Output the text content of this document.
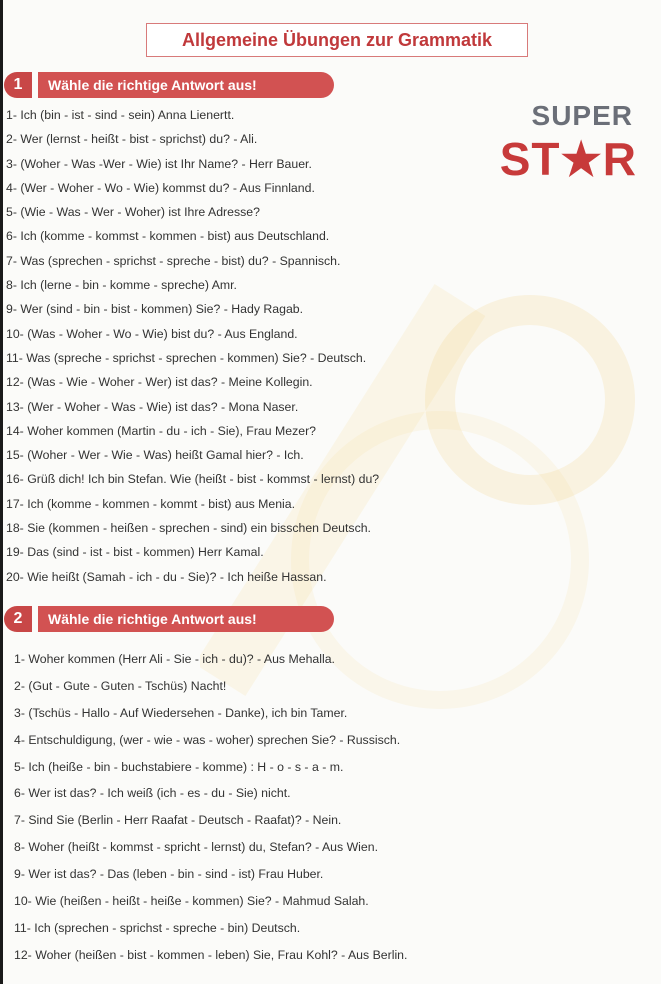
Allgemeine Übungen zur Grammatik
SUPER
ST★R
1	Wähle die richtige Antwort aus!
1- Ich (bin - ist - sind - sein) Anna Lienertt.
2- Wer (lernst - heißt - bist - sprichst) du? - Ali.
3- (Woher - Was -Wer - Wie) ist Ihr Name? - Herr Bauer.
4- (Wer - Woher - Wo - Wie) kommst du? - Aus Finnland.
5- (Wie - Was - Wer - Woher) ist Ihre Adresse?
6- Ich (komme - kommst - kommen - bist) aus Deutschland.
7- Was (sprechen - sprichst - spreche - bist) du? - Spannisch.
8- Ich (lerne - bin - komme - spreche) Amr.
9- Wer (sind - bin - bist - kommen) Sie? - Hady Ragab.
10- (Was - Woher - Wo - Wie) bist du? - Aus England.
11- Was (spreche - sprichst - sprechen - kommen) Sie? - Deutsch.
12- (Was - Wie - Woher - Wer) ist das? - Meine Kollegin.
13- (Wer - Woher - Was - Wie) ist das? - Mona Naser.
14- Woher kommen (Martin - du - ich - Sie), Frau Mezer?
15- (Woher - Wer - Wie - Was) heißt Gamal hier? - Ich.
16- Grüß dich! Ich bin Stefan. Wie (heißt - bist - kommst - lernst) du?
17- Ich (komme - kommen - kommt - bist) aus Menia.
18- Sie (kommen - heißen - sprechen - sind) ein bisschen Deutsch.
19- Das (sind - ist - bist - kommen) Herr Kamal.
20- Wie heißt (Samah - ich - du - Sie)? - Ich heiße Hassan.
2	Wähle die richtige Antwort aus!
1- Woher kommen (Herr Ali - Sie - ich - du)? - Aus Mehalla.
2- (Gut - Gute - Guten - Tschüs) Nacht!
3- (Tschüs - Hallo - Auf Wiedersehen - Danke), ich bin Tamer.
4- Entschuldigung, (wer - wie - was - woher) sprechen Sie? - Russisch.
5- Ich (heiße - bin - buchstabiere - komme) : H - o - s - a - m.
6- Wer ist das? - Ich weiß (ich - es - du - Sie) nicht.
7- Sind Sie (Berlin - Herr Raafat - Deutsch - Raafat)? - Nein.
8- Woher (heißt - kommst - spricht - lernst) du, Stefan? - Aus Wien.
9- Wer ist das? - Das (leben - bin - sind - ist) Frau Huber.
10- Wie (heißen - heißt - heiße - kommen) Sie? - Mahmud Salah.
11- Ich (sprechen - sprichst - spreche - bin) Deutsch.
12- Woher (heißen - bist - kommen - leben) Sie, Frau Kohl? - Aus Berlin.
